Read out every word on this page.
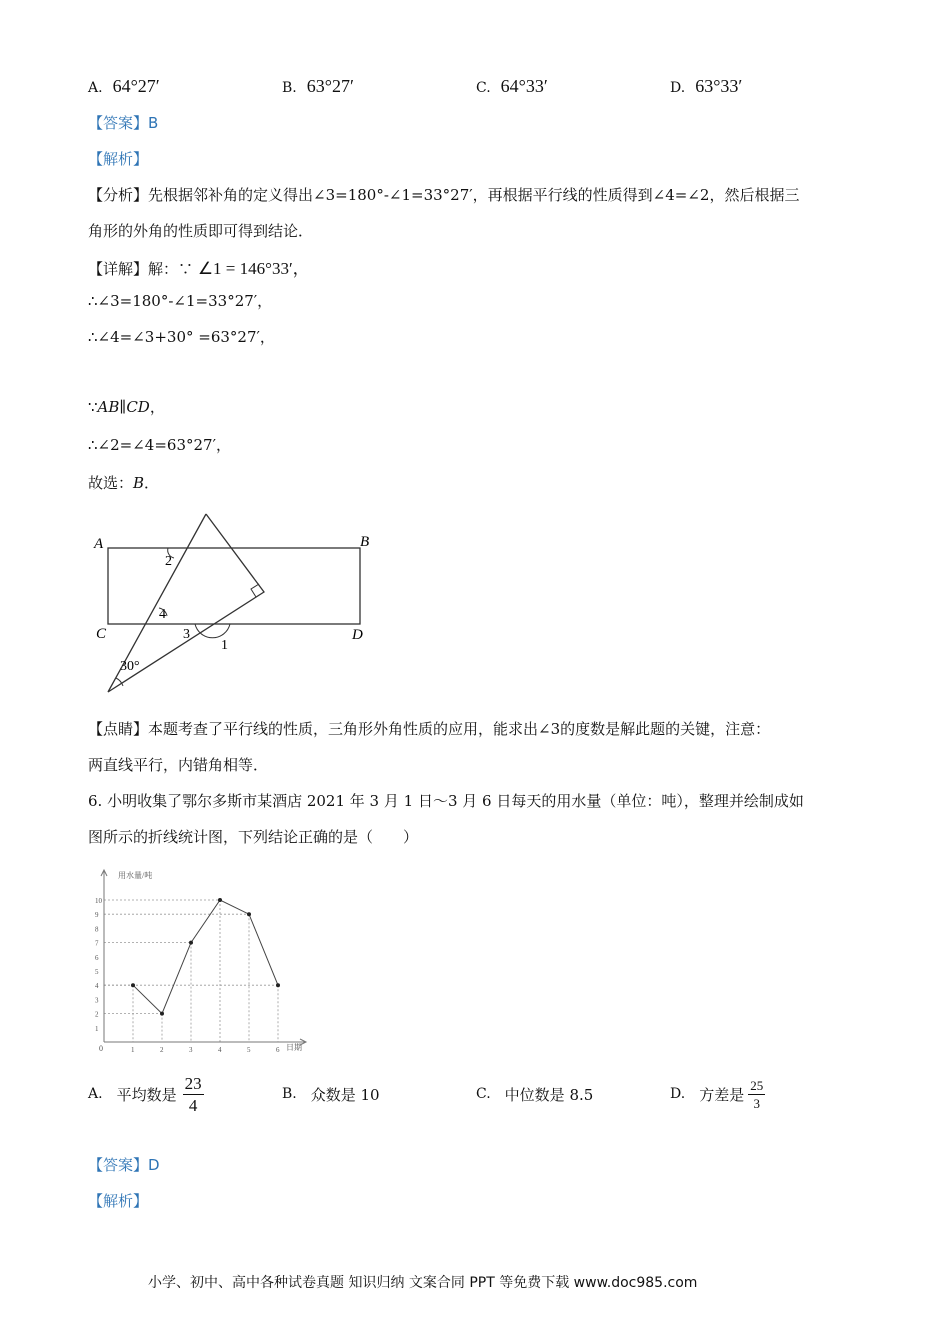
A. 64°27′	B. 63°27′	C. 64°33′	D. 63°33′
【答案】B
【解析】
【分析】先根据邻补角的定义得出∠3=180°-∠1=33°27′，再根据平行线的性质得到∠4=∠2，然后根据三
角形的外角的性质即可得到结论．
【详解】解：∵ ∠1 = 146°33′，
∴∠3=180°-∠1=33°27′，
∴∠4=∠3+30° =63°27′，
∵AB∥CD，
∴∠2=∠4=63°27′，
故选：B．
A	B
C	D
2
4
3
1
30°
【点睛】本题考查了平行线的性质，三角形外角性质的应用，能求出∠3的度数是解此题的关键，注意：
两直线平行，内错角相等．
6. 小明收集了鄂尔多斯市某酒店 2021 年 3 月 1 日～3 月 6 日每天的用水量（单位：吨），整理并绘制成如
图所示的折线统计图，下列结论正确的是（　　）
用水量/吨
日期
0
1
2
3
4
5
6
7
8
9
10
1	2	3	4	5	6
A. 平均数是 $\frac{23}{4}$	B. 众数是 10	C. 中位数是 8.5	D. 方差是 $\frac{25}{3}$
【答案】D
【解析】
小学、初中、高中各种试卷真题 知识归纳 文案合同 PPT 等免费下载 www.doc985.com
